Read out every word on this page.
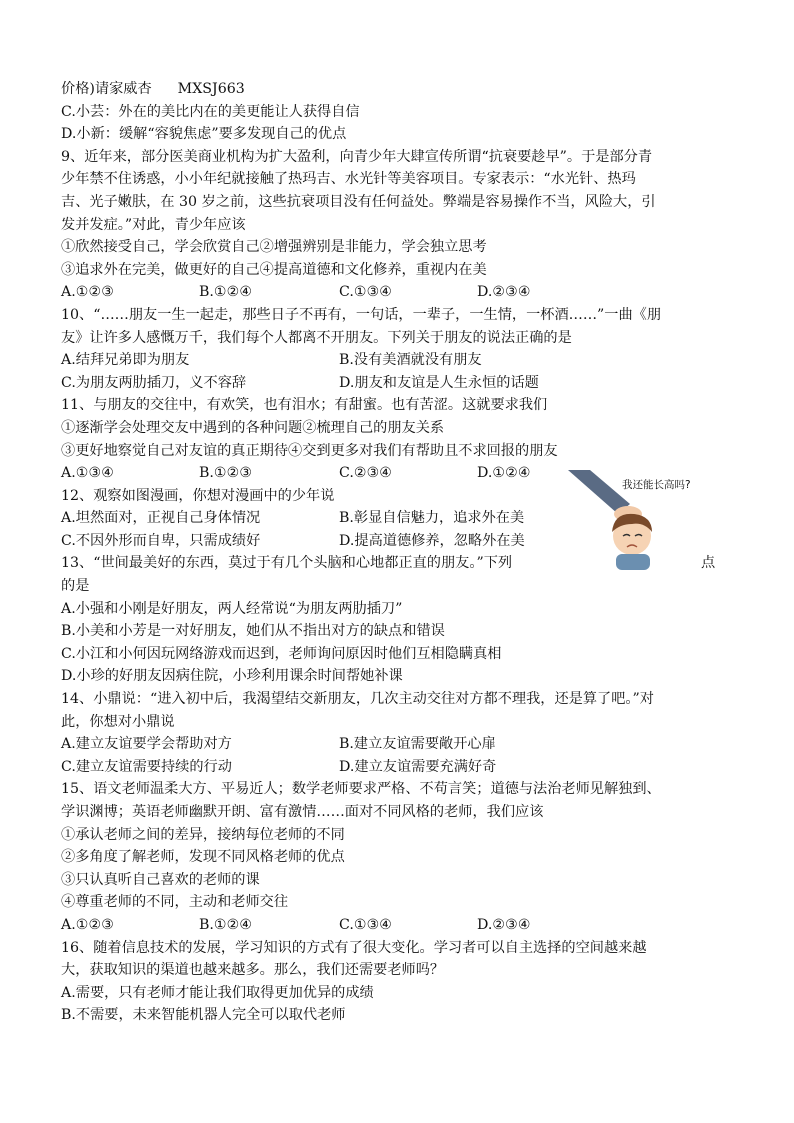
价格)请家威杏 MXSJ663
C.小芸：外在的美比内在的美更能让人获得自信
D.小新：缓解“容貌焦虑”要多发现自己的优点
9、近年来，部分医美商业机构为扩大盈利，向青少年大肆宣传所谓“抗衰要趁早”。于是部分青
少年禁不住诱惑，小小年纪就接触了热玛吉、水光针等美容项目。专家表示：“水光针、热玛
吉、光子嫩肤，在 30 岁之前，这些抗衰项目没有任何益处。弊端是容易操作不当，风险大，引
发并发症。”对此，青少年应该
①欣然接受自己，学会欣赏自己②增强辨别是非能力，学会独立思考
③追求外在完美，做更好的自己④提高道德和文化修养，重视内在美
A.①②③	B.①②④	C.①③④	D.②③④
10、“……朋友一生一起走，那些日子不再有，一句话，一辈子，一生情，一杯酒……”一曲《朋
友》让许多人感慨万千，我们每个人都离不开朋友。下列关于朋友的说法正确的是
A.结拜兄弟即为朋友	B.没有美酒就没有朋友
C.为朋友两肋插刀，义不容辞	D.朋友和友谊是人生永恒的话题
11、与朋友的交往中，有欢笑，也有泪水；有甜蜜。也有苦涩。这就要求我们
①逐渐学会处理交友中遇到的各种问题②梳理自己的朋友关系
③更好地察觉自己对友谊的真正期待④交到更多对我们有帮助且不求回报的朋友
A.①③④	B.①②③	C.②③④	D.①②④
12、观察如图漫画，你想对漫画中的少年说
A.坦然面对，正视自己身体情况	B.彰显自信魅力，追求外在美
C.不因外形而自卑，只需成绩好	D.提高道德修养，忽略外在美
13、“世间最美好的东西，莫过于有几个头脑和心地都正直的朋友。”下列	点
的是
A.小强和小刚是好朋友，两人经常说“为朋友两肋插刀”
B.小美和小芳是一对好朋友，她们从不指出对方的缺点和错误
C.小江和小何因玩网络游戏而迟到，老师询问原因时他们互相隐瞒真相
D.小珍的好朋友因病住院，小珍利用课余时间帮她补课
14、小鼎说：“进入初中后，我渴望结交新朋友，几次主动交往对方都不理我，还是算了吧。”对
此，你想对小鼎说
A.建立友谊要学会帮助对方	B.建立友谊需要敞开心扉
C.建立友谊需要持续的行动	D.建立友谊需要充满好奇
15、语文老师温柔大方、平易近人；数学老师要求严格、不苟言笑；道德与法治老师见解独到、
学识渊博；英语老师幽默开朗、富有激情……面对不同风格的老师，我们应该
①承认老师之间的差异，接纳每位老师的不同
②多角度了解老师，发现不同风格老师的优点
③只认真听自己喜欢的老师的课
④尊重老师的不同，主动和老师交往
A.①②③	B.①②④	C.①③④	D.②③④
16、随着信息技术的发展，学习知识的方式有了很大变化。学习者可以自主选择的空间越来越
大，获取知识的渠道也越来越多。那么，我们还需要老师吗？
A.需要，只有老师才能让我们取得更加优异的成绩
B.不需要，未来智能机器人完全可以取代老师
我还能长高吗?
